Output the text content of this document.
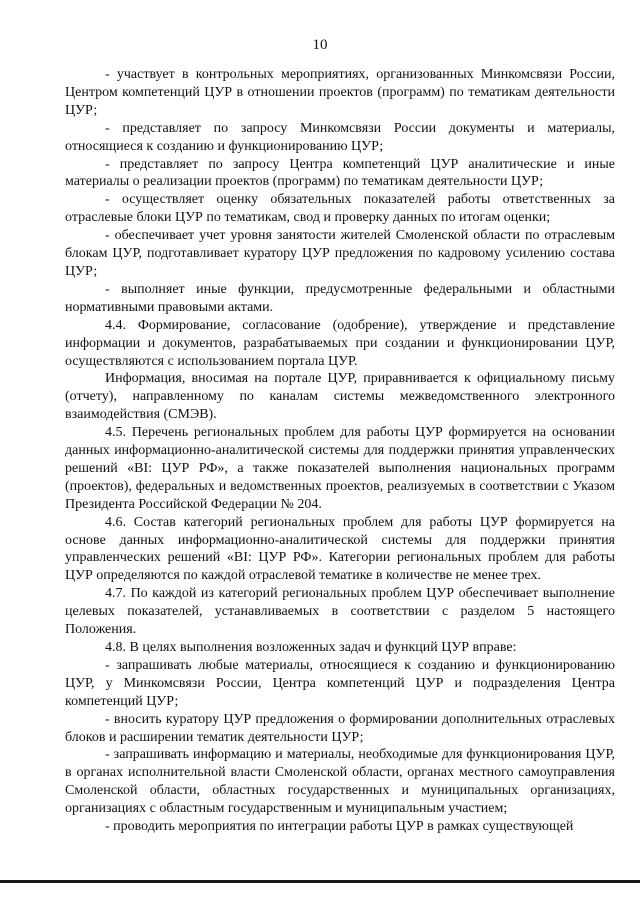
10

- участвует в контрольных мероприятиях, организованных Минкомсвязи России, Центром компетенций ЦУР в отношении проектов (программ) по тематикам деятельности ЦУР;

- представляет по запросу Минкомсвязи России документы и материалы, относящиеся к созданию и функционированию ЦУР;

- представляет по запросу Центра компетенций ЦУР аналитические и иные материалы о реализации проектов (программ) по тематикам деятельности ЦУР;

- осуществляет оценку обязательных показателей работы ответственных за отраслевые блоки ЦУР по тематикам, свод и проверку данных по итогам оценки;

- обеспечивает учет уровня занятости жителей Смоленской области по отраслевым блокам ЦУР, подготавливает куратору ЦУР предложения по кадровому усилению состава ЦУР;

- выполняет иные функции, предусмотренные федеральными и областными нормативными правовыми актами.

4.4. Формирование, согласование (одобрение), утверждение и представление информации и документов, разрабатываемых при создании и функционировании ЦУР, осуществляются с использованием портала ЦУР.

Информация, вносимая на портале ЦУР, приравнивается к официальному письму (отчету), направленному по каналам системы межведомственного электронного взаимодействия (СМЭВ).

4.5. Перечень региональных проблем для работы ЦУР формируется на основании данных информационно-аналитической системы для поддержки принятия управленческих решений «BI: ЦУР РФ», а также показателей выполнения национальных программ (проектов), федеральных и ведомственных проектов, реализуемых в соответствии с Указом Президента Российской Федерации № 204.

4.6. Состав категорий региональных проблем для работы ЦУР формируется на основе данных информационно-аналитической системы для поддержки принятия управленческих решений «BI: ЦУР РФ». Категории региональных проблем для работы ЦУР определяются по каждой отраслевой тематике в количестве не менее трех.

4.7. По каждой из категорий региональных проблем ЦУР обеспечивает выполнение целевых показателей, устанавливаемых в соответствии с разделом 5 настоящего Положения.

4.8. В целях выполнения возложенных задач и функций ЦУР вправе:

- запрашивать любые материалы, относящиеся к созданию и функционированию ЦУР, у Минкомсвязи России, Центра компетенций ЦУР и подразделения Центра компетенций ЦУР;

- вносить куратору ЦУР предложения о формировании дополнительных отраслевых блоков и расширении тематик деятельности ЦУР;

- запрашивать информацию и материалы, необходимые для функционирования ЦУР, в органах исполнительной власти Смоленской области, органах местного самоуправления Смоленской области, областных государственных и муниципальных организациях, организациях с областным государственным и муниципальным участием;

- проводить мероприятия по интеграции работы ЦУР в рамках существующей
